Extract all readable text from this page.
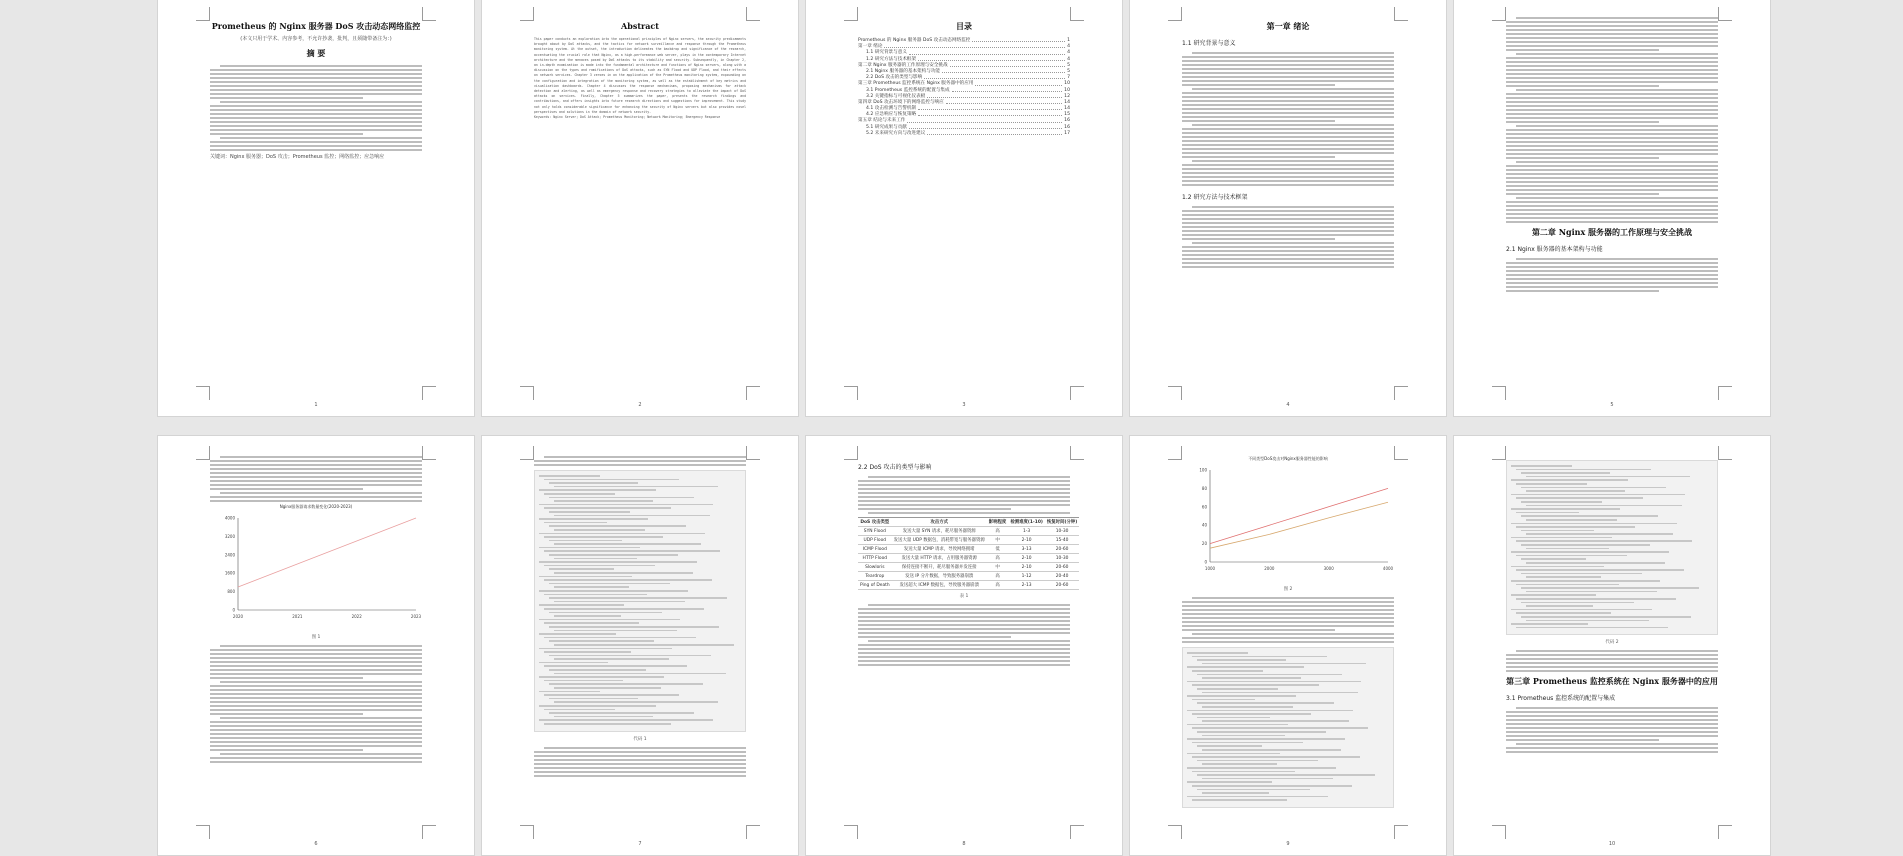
Prometheus 的 Nginx 服务器 DoS 攻击动态网络监控
(本文只用于学术、内容参考，不允许抄袭，批判，且须随带备注为：)
摘 要
关键词：Nginx 服务器；DoS 攻击；Prometheus 监控；网络监控；应急响应
1
Abstract
This paper conducts an exploration into the operational principles of Nginx servers, the security predicaments brought about by DoS attacks, and the tactics for network surveillance and response through the Prometheus monitoring system. At the outset, the introduction delineates the backdrop and significance of the research, accentuating the crucial role that Nginx, as a high-performance web server, plays in the contemporary Internet architecture and the menaces posed by DoS attacks to its stability and security. Subsequently, in Chapter 2, an in-depth examination is made into the fundamental architecture and functions of Nginx servers, along with a discussion on the types and ramifications of DoS attacks, such as SYN Flood and UDP Flood, and their effects on network services. Chapter 3 zeroes in on the application of the Prometheus monitoring system, expounding on the configuration and integration of the monitoring system, as well as the establishment of key metrics and visualization dashboards. Chapter 4 discusses the response mechanisms, proposing mechanisms for attack detection and alerting, as well as emergency response and recovery strategies to alleviate the impact of DoS attacks on services. Finally, Chapter 5 summarizes the paper, presents the research findings and contributions, and offers insights into future research directions and suggestions for improvement. This study not only holds considerable significance for enhancing the security of Nginx servers but also provides novel perspectives and solutions in the domain of network security.
Keywords: Nginx Server; DoS Attack; Prometheus Monitoring; Network Monitoring; Emergency Response
2
目录
Prometheus 的 Nginx 服务器 DoS 攻击动态网络监控	1
第一章 绪论	4
1.1 研究背景与意义	4
1.2 研究方法与技术框架	4
第二章 Nginx 服务器的工作原理与安全挑战	5
2.1 Nginx 服务器的基本架构与功能	5
2.2 DoS 攻击的类型与影响	7
第三章 Prometheus 监控系统在 Nginx 服务器中的应用	10
3.1 Prometheus 监控系统的配置与集成	10
3.2 关键指标与可视化仪表板	12
第四章 DoS 攻击环境下的网络监控与响应	14
4.1 攻击检测与告警机制	14
4.2 应急响应与恢复策略	15
第五章 结论与未来工作	16
5.1 研究成果与贡献	16
5.2 未来研究方向与改进建议	17
3
第一章 绪论
1.1 研究背景与意义
1.2 研究方法与技术框架
4
第二章 Nginx 服务器的工作原理与安全挑战
2.1 Nginx 服务器的基本架构与功能
5
Nginx服务器请求数量变化(2020-2023)
0
800
1600
2400
3200
4000
2020	2021	2022	2023
图 1
6
代码 1
7
2.2 DoS 攻击的类型与影响
DoS 攻击类型	攻击方式	影响程度	检测难度(1-10)	恢复时间(分钟)
SYN Flood	发送大量 SYN 请求，耗尽服务器资源	高	1-3	10-30
UDP Flood	发送大量 UDP 数据包，消耗带宽与服务器资源	中	2-10	15-40
ICMP Flood	发送大量 ICMP 请求，导致网络拥堵	低	3-13	20-60
HTTP Flood	发送大量 HTTP 请求，占用服务器资源	高	2-10	10-30
Slowloris	保持连接不断开，耗尽服务器并发连接	中	2-10	20-60
Teardrop	发送 IP 分片数据，导致服务器崩溃	高	1-12	20-40
Ping of Death	发送超大 ICMP 数据包，导致服务器崩溃	高	2-13	20-60
表 1
8
不同类型DoS攻击对Nginx服务器性能的影响
0
20
40
60
80
100
1000	2000	3000	4000
图 2
9
代码 2
第三章 Prometheus 监控系统在 Nginx 服务器中的应用
3.1 Prometheus 监控系统的配置与集成
10
